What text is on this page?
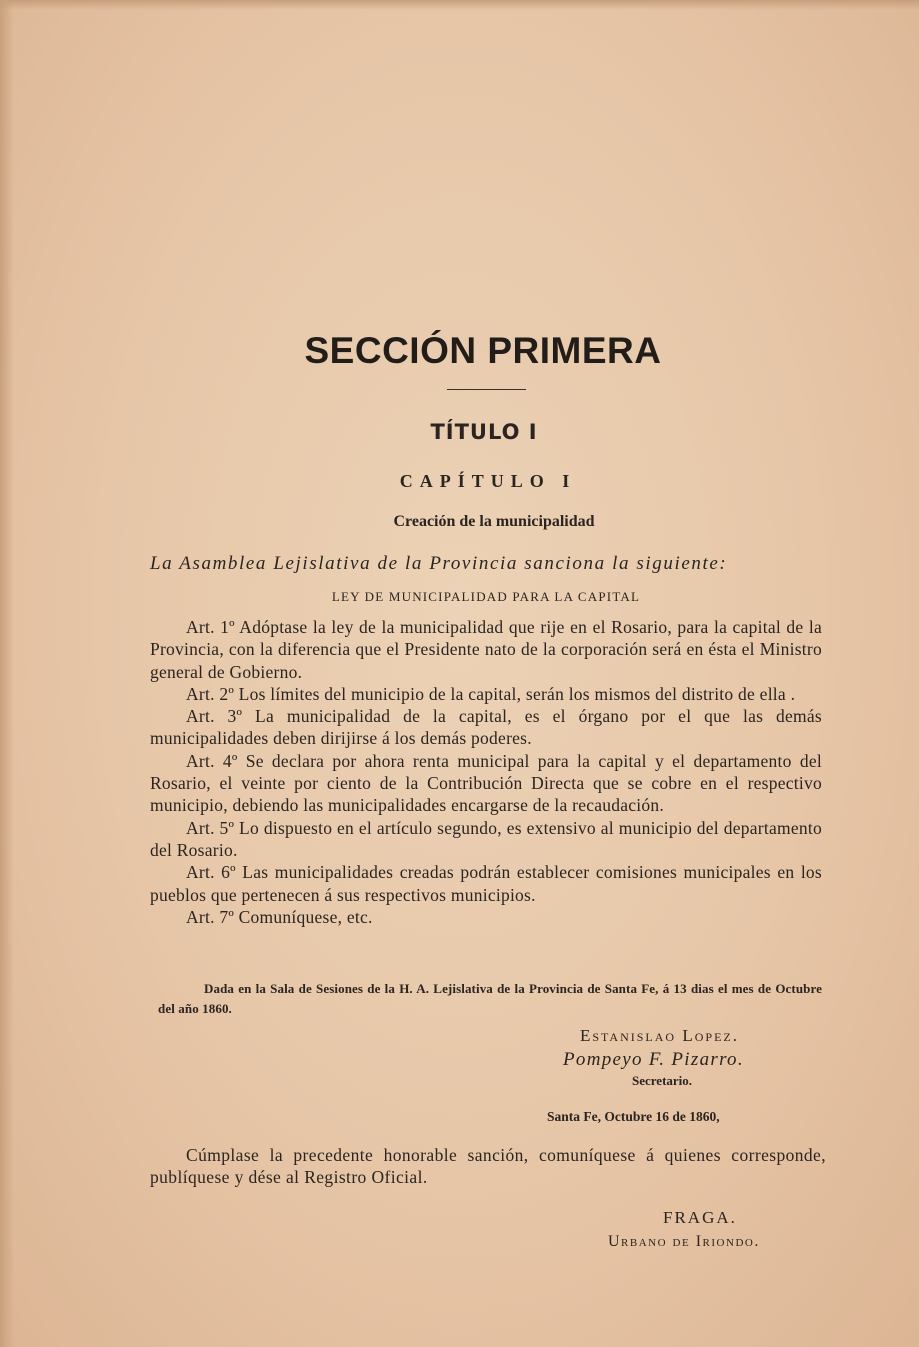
SECCIÓN PRIMERA
TÍTULO I
CAPÍTULO I
Creación de la municipalidad

La Asamblea Lejislativa de la Provincia sanciona la siguiente:

LEY DE MUNICIPALIDAD PARA LA CAPITAL

Art. 1º Adóptase la ley de la municipalidad que rije en el Rosario, para la capital de la Provincia, con la diferencia que el Presidente nato de la corporación será en ésta el Ministro general de Gobierno.

Art. 2º Los límites del municipio de la capital, serán los mismos del distrito de ella .

Art. 3º La municipalidad de la capital, es el órgano por el que las demás municipalidades deben dirijirse á los demás poderes.

Art. 4º Se declara por ahora renta municipal para la capital y el departamento del Rosario, el veinte por ciento de la Contribución Directa que se cobre en el respectivo municipio, debiendo las municipalidades encargarse de la recaudación.

Art. 5º Lo dispuesto en el artículo segundo, es extensivo al municipio del departamento del Rosario.

Art. 6º Las municipalidades creadas podrán establecer comisiones municipales en los pueblos que pertenecen á sus respectivos municipios.

Art. 7º Comuníquese, etc.

Dada en la Sala de Sesiones de la H. A. Lejislativa de la Provincia de Santa Fe, á 13 dias el mes de Octubre del año 1860.

Estanislao Lopez.

Pompeyo F. Pizarro.

Secretario.

Santa Fe, Octubre 16 de 1860,

Cúmplase la precedente honorable sanción, comuníquese á quienes corresponde, publíquese y dése al Registro Oficial.

FRAGA.

Urbano de Iriondo.
